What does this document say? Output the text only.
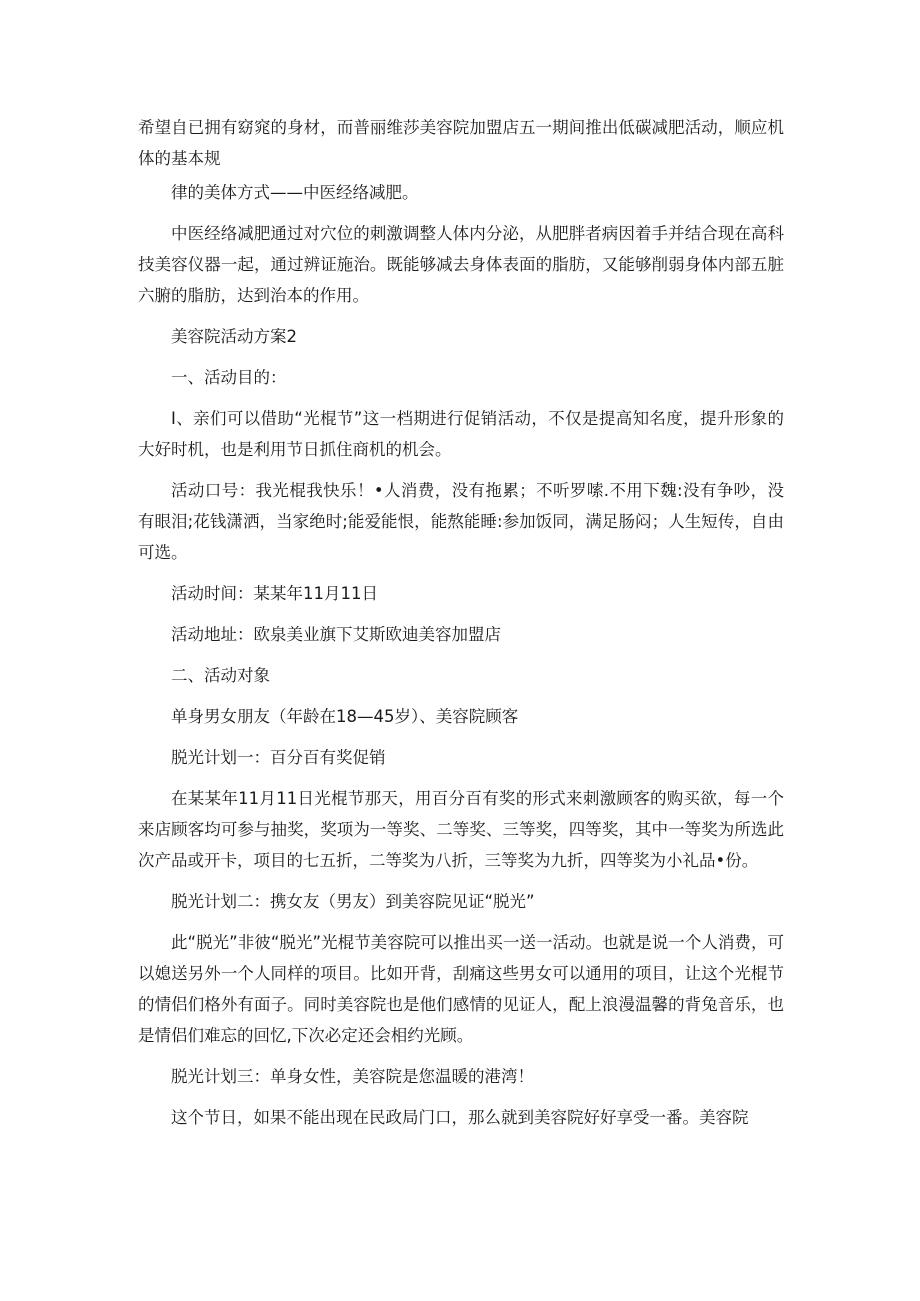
希望自已拥有窈窕的身材，而普丽维莎美容院加盟店五一期间推出低碳减肥活动，顺应机体的基本规

律的美体方式——中医经络减肥。

中医经络减肥通过对穴位的刺激调整人体内分泌，从肥胖者病因着手并结合现在高科技美容仪器一起，通过辨证施治。既能够减去身体表面的脂肪，又能够削弱身体内部五脏六腑的脂肪，达到治本的作用。

美容院活动方案2

一、活动目的：

I、亲们可以借助“光棍节”这一档期进行促销活动，不仅是提高知名度，提升形象的大好时机，也是利用节日抓住商机的机会。

活动口号：我光棍我快乐！•人消费，没有拖累；不听罗嗦.不用下魏:没有争吵，没有眼泪;花钱潇洒，当家绝时;能爱能恨，能熬能睡:参加饭同，满足肠闷；人生短传，自由可选。

活动时间：某某年11月11日

活动地址：欧泉美业旗下艾斯欧迪美容加盟店

二、活动对象

单身男女朋友（年龄在18—45岁）、美容院顾客

脱光计划一：百分百有奖促销

在某某年11月11日光棍节那天，用百分百有奖的形式来刺激顾客的购买欲，每一个来店顾客均可参与抽奖，奖项为一等奖、二等奖、三等奖，四等奖，其中一等奖为所选此次产品或开卡，项目的七五折，二等奖为八折，三等奖为九折，四等奖为小礼品•份。

脱光计划二：携女友（男友）到美容院见证“脱光”

此“脱光”非彼“脱光”光棍节美容院可以推出买一送一活动。也就是说一个人消费，可以媳送另外一个人同样的项目。比如开背，刮痛这些男女可以通用的项目，让这个光棍节的情侣们格外有面子。同时美容院也是他们感情的见证人，配上浪漫温馨的背兔音乐，也是情侣们难忘的回忆,下次必定还会相约光顾。

脱光计划三：单身女性，美容院是您温暖的港湾！

这个节日，如果不能出现在民政局门口，那么就到美容院好好享受一番。美容院
